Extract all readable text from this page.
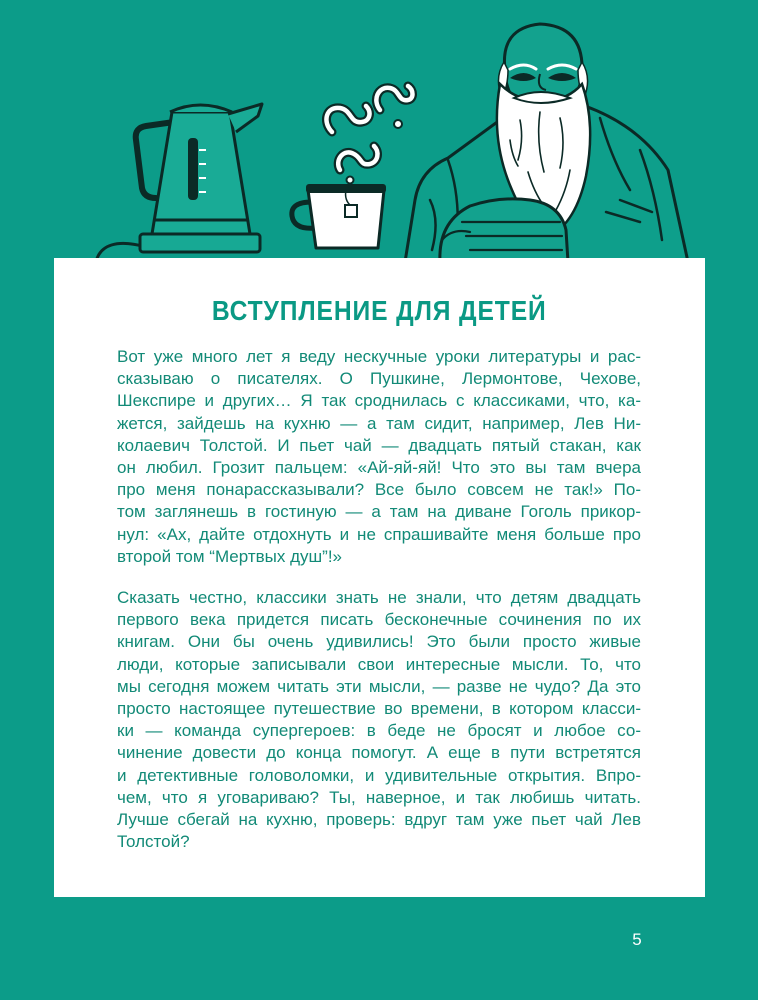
ВСТУПЛЕНИЕ ДЛЯ ДЕТЕЙ
Вот уже много лет я веду нескучные уроки литературы и рас-
сказываю о писателях. О Пушкине, Лермонтове, Чехове,
Шекспире и других… Я так сроднилась с классиками, что, ка-
жется, зайдешь на кухню — а там сидит, например, Лев Ни-
колаевич Толстой. И пьет чай — двадцать пятый стакан, как
он любил. Грозит пальцем: «Ай-яй-яй! Что это вы там вчера
про меня понарассказывали? Все было совсем не так!» По-
том заглянешь в гостиную — а там на диване Гоголь прикор-
нул: «Ах, дайте отдохнуть и не спрашивайте меня больше про
второй том “Мертвых душ”!»
Сказать честно, классики знать не знали, что детям двадцать
первого века придется писать бесконечные сочинения по их
книгам. Они бы очень удивились! Это были просто живые
люди, которые записывали свои интересные мысли. То, что
мы сегодня можем читать эти мысли, — разве не чудо? Да это
просто настоящее путешествие во времени, в котором класси-
ки — команда супергероев: в беде не бросят и любое со-
чинение довести до конца помогут. А еще в пути встретятся
и детективные головоломки, и удивительные открытия. Впро-
чем, что я уговариваю? Ты, наверное, и так любишь читать.
Лучше сбегай на кухню, проверь: вдруг там уже пьет чай Лев
Толстой?
5
